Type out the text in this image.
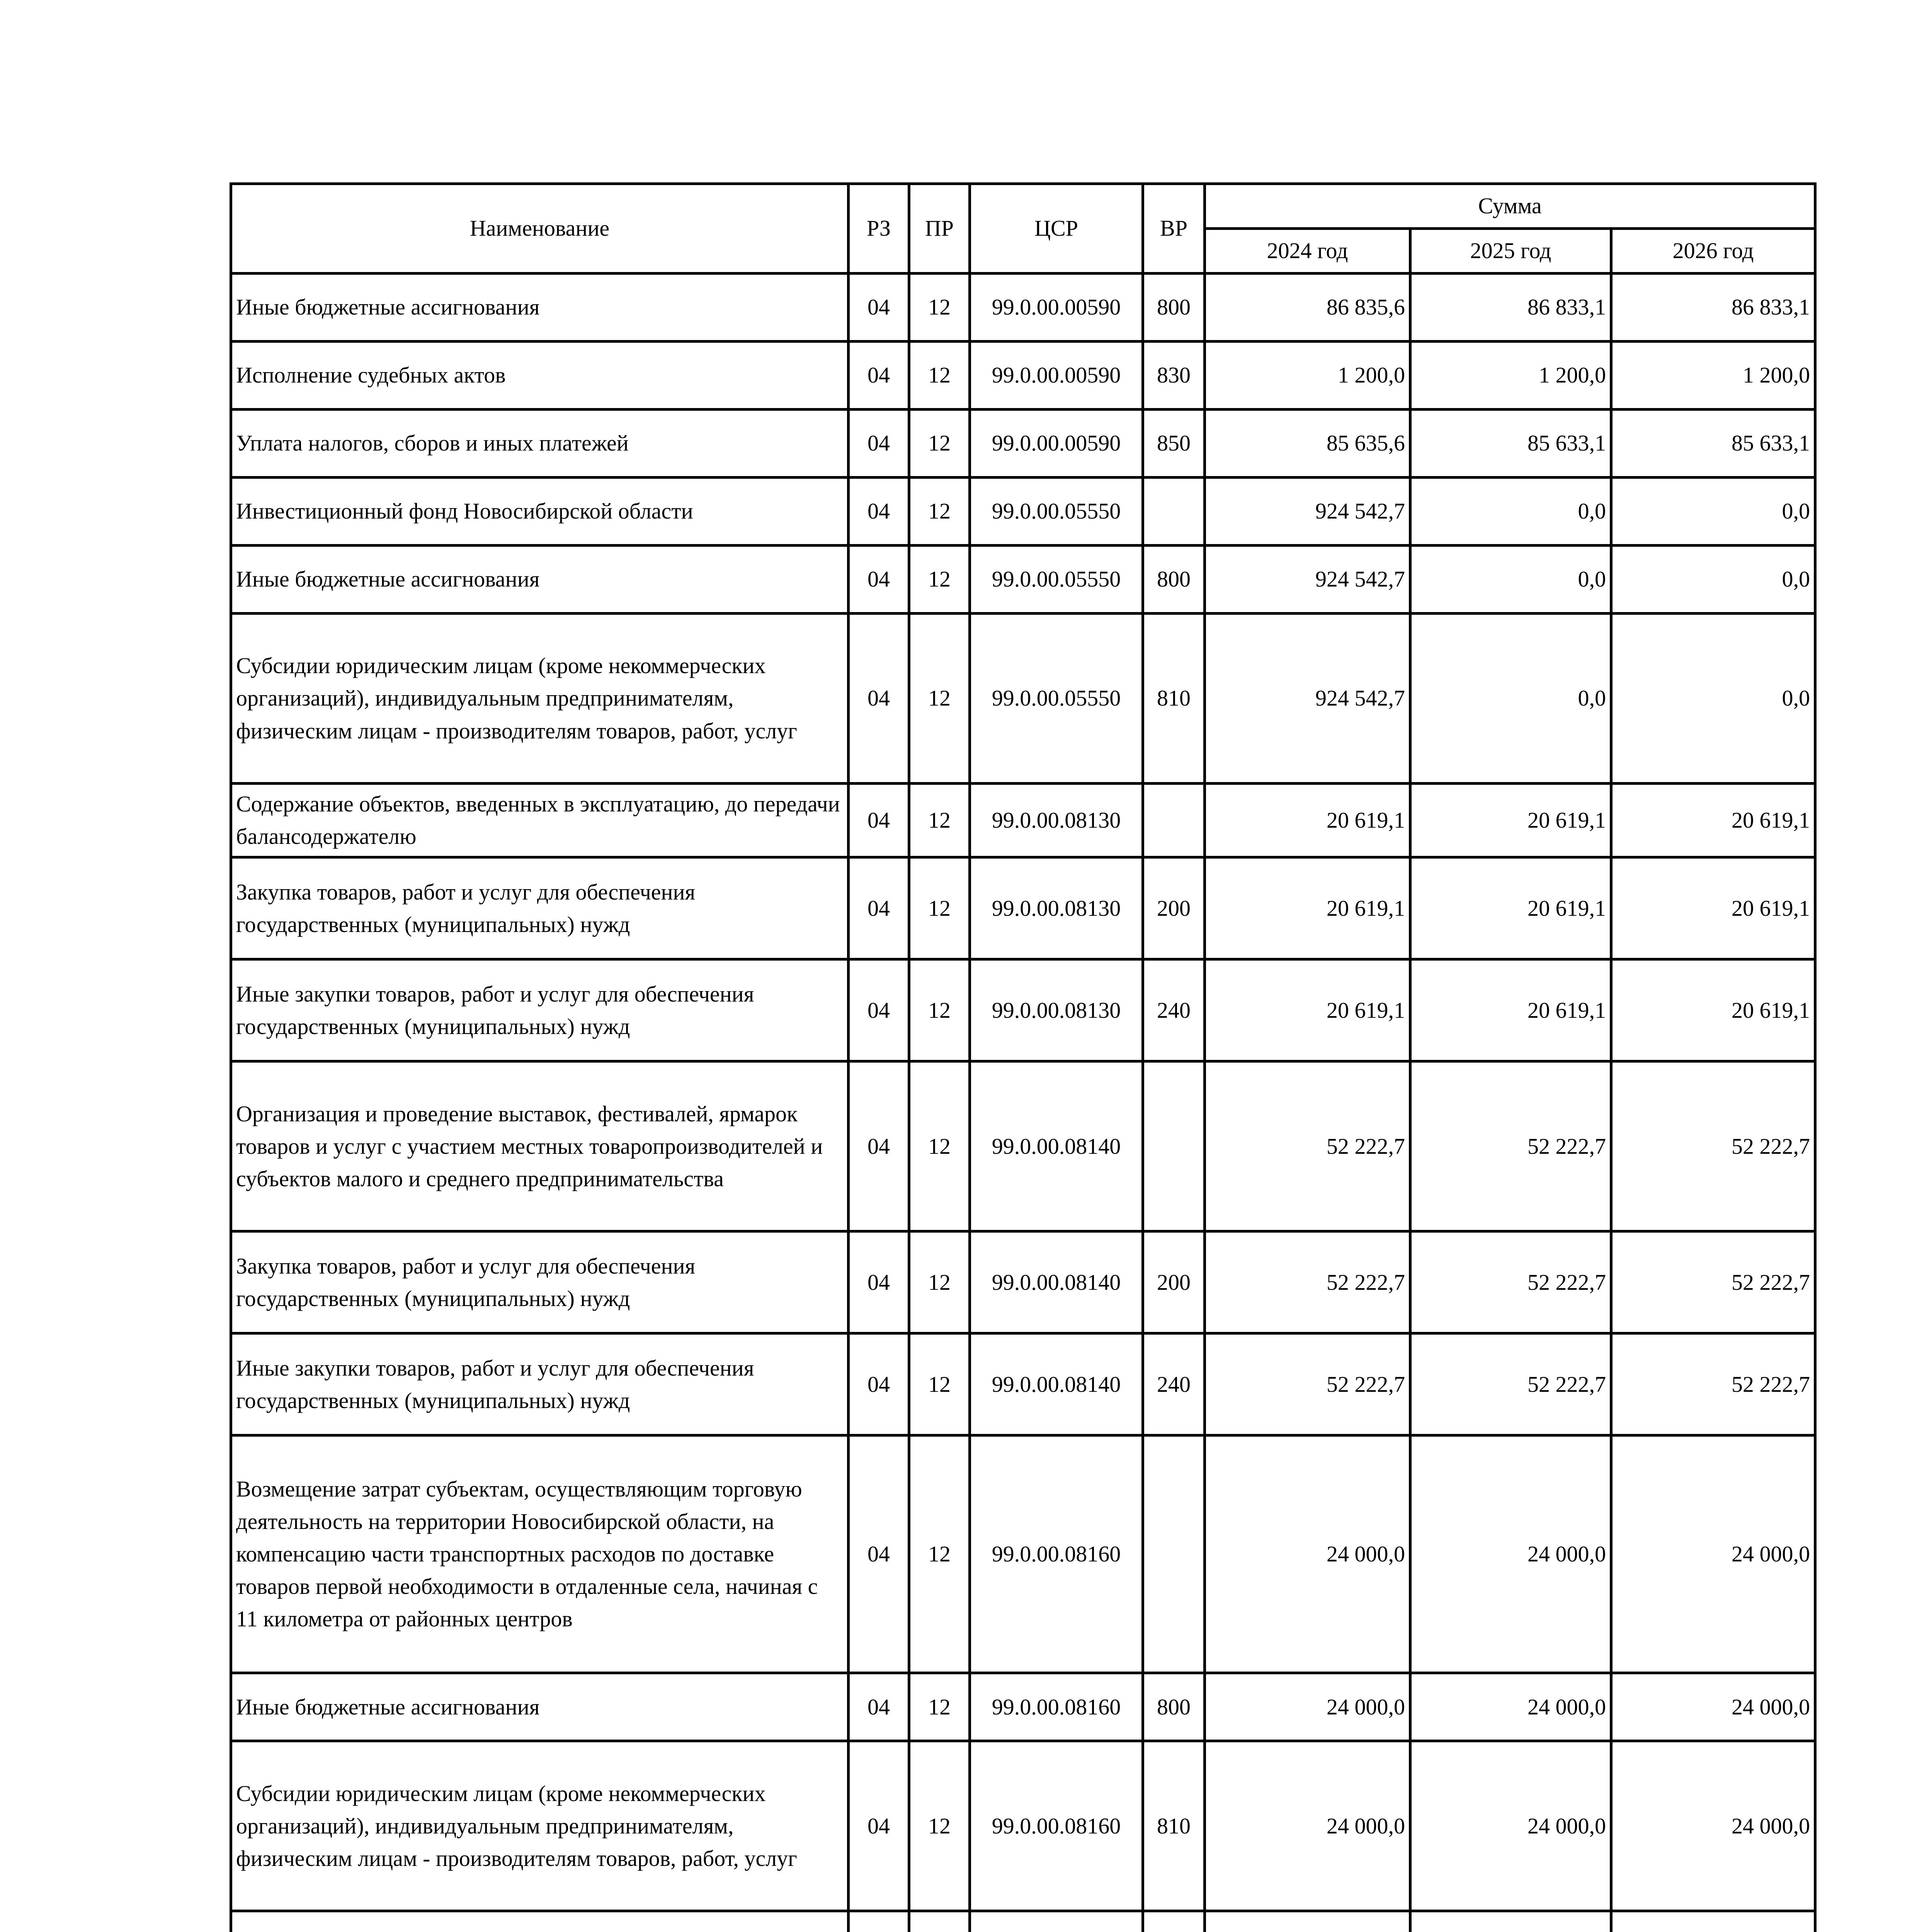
Наименование	РЗ	ПР	ЦСР	ВР	Сумма		
					2024 год	2025 год	2026 год
Иные бюджетные ассигнования	04	12	99.0.00.00590	800	86 835,6	86 833,1	86 833,1
Исполнение судебных актов	04	12	99.0.00.00590	830	1 200,0	1 200,0	1 200,0
Уплата налогов, сборов и иных платежей	04	12	99.0.00.00590	850	85 635,6	85 633,1	85 633,1
Инвестиционный фонд Новосибирской области	04	12	99.0.00.05550		924 542,7	0,0	0,0
Иные бюджетные ассигнования	04	12	99.0.00.05550	800	924 542,7	0,0	0,0
Субсидии юридическим лицам (кроме некоммерческих организаций), индивидуальным предпринимателям, физическим лицам - производителям товаров, работ, услуг	04	12	99.0.00.05550	810	924 542,7	0,0	0,0
Содержание объектов, введенных в эксплуатацию, до передачи балансодержателю	04	12	99.0.00.08130		20 619,1	20 619,1	20 619,1
Закупка товаров, работ и услуг для обеспечения государственных (муниципальных) нужд	04	12	99.0.00.08130	200	20 619,1	20 619,1	20 619,1
Иные закупки товаров, работ и услуг для обеспечения государственных (муниципальных) нужд	04	12	99.0.00.08130	240	20 619,1	20 619,1	20 619,1
Организация и проведение выставок, фестивалей, ярмарок товаров и услуг с участием местных товаропроизводителей и субъектов малого и среднего предпринимательства	04	12	99.0.00.08140		52 222,7	52 222,7	52 222,7
Закупка товаров, работ и услуг для обеспечения государственных (муниципальных) нужд	04	12	99.0.00.08140	200	52 222,7	52 222,7	52 222,7
Иные закупки товаров, работ и услуг для обеспечения государственных (муниципальных) нужд	04	12	99.0.00.08140	240	52 222,7	52 222,7	52 222,7
Возмещение затрат субъектам, осуществляющим торговую деятельность на территории Новосибирской области, на компенсацию части транспортных расходов по доставке товаров первой необходимости в отдаленные села, начиная с 11 километра от районных центров	04	12	99.0.00.08160		24 000,0	24 000,0	24 000,0
Иные бюджетные ассигнования	04	12	99.0.00.08160	800	24 000,0	24 000,0	24 000,0
Субсидии юридическим лицам (кроме некоммерческих организаций), индивидуальным предпринимателям, физическим лицам - производителям товаров, работ, услуг	04	12	99.0.00.08160	810	24 000,0	24 000,0	24 000,0
